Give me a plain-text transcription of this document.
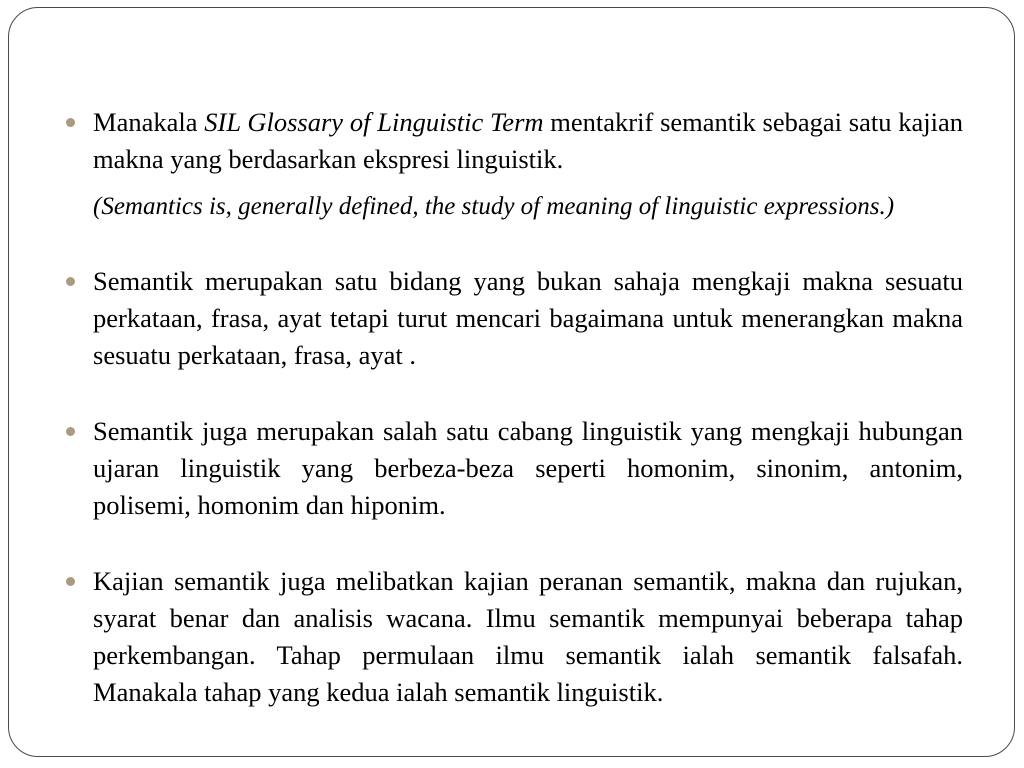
Manakala SIL Glossary of Linguistic Term mentakrif semantik sebagai satu kajian makna yang berdasarkan ekspresi linguistik.

(Semantics is, generally defined, the study of meaning of linguistic expressions.)

Semantik merupakan satu bidang yang bukan sahaja mengkaji makna sesuatu perkataan, frasa, ayat tetapi turut mencari bagaimana untuk menerangkan makna sesuatu perkataan, frasa, ayat .

Semantik juga merupakan salah satu cabang linguistik yang mengkaji hubungan ujaran linguistik yang berbeza-beza seperti homonim, sinonim, antonim, polisemi, homonim dan hiponim.

Kajian semantik juga melibatkan kajian peranan semantik, makna dan rujukan, syarat benar dan analisis wacana. Ilmu semantik mempunyai beberapa tahap perkembangan. Tahap permulaan ilmu semantik ialah semantik falsafah. Manakala tahap yang kedua ialah semantik linguistik.
